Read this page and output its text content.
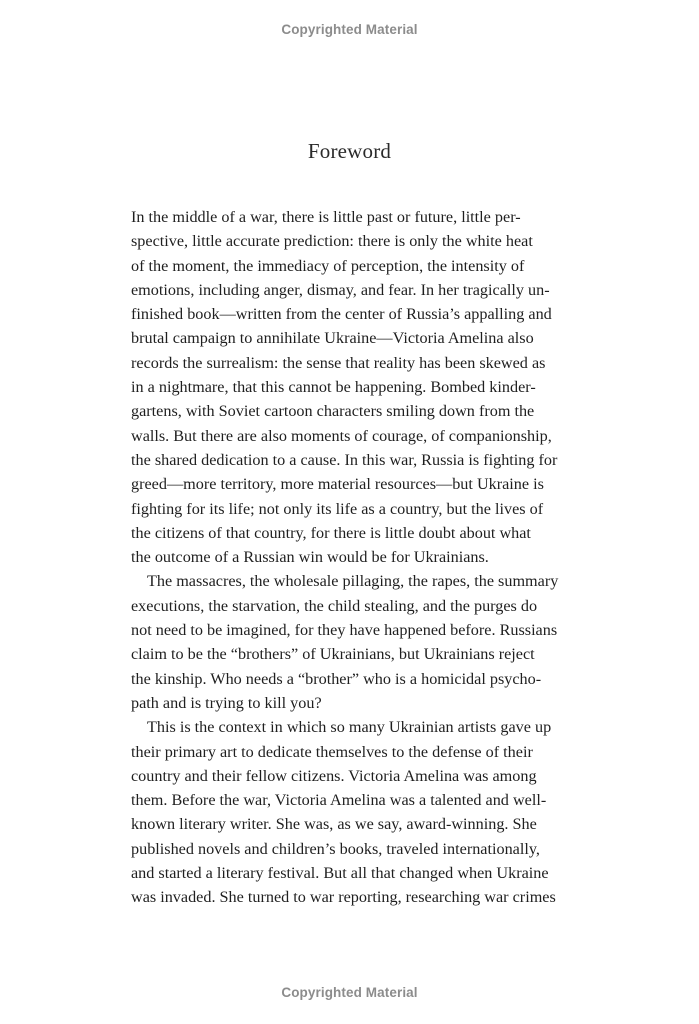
Copyrighted Material
Foreword
In the middle of a war, there is little past or future, little per-
spective, little accurate prediction: there is only the white heat
of the moment, the immediacy of perception, the intensity of
emotions, including anger, dismay, and fear. In her tragically un-
finished book—written from the center of Russia’s appalling and
brutal campaign to annihilate Ukraine—Victoria Amelina also
records the surrealism: the sense that reality has been skewed as
in a nightmare, that this cannot be happening. Bombed kinder-
gartens, with Soviet cartoon characters smiling down from the
walls. But there are also moments of courage, of companionship,
the shared dedication to a cause. In this war, Russia is fighting for
greed—more territory, more material resources—but Ukraine is
fighting for its life; not only its life as a country, but the lives of
the citizens of that country, for there is little doubt about what
the outcome of a Russian win would be for Ukrainians.
The massacres, the wholesale pillaging, the rapes, the summary
executions, the starvation, the child stealing, and the purges do
not need to be imagined, for they have happened before. Russians
claim to be the “brothers” of Ukrainians, but Ukrainians reject
the kinship. Who needs a “brother” who is a homicidal psycho-
path and is trying to kill you?
This is the context in which so many Ukrainian artists gave up
their primary art to dedicate themselves to the defense of their
country and their fellow citizens. Victoria Amelina was among
them. Before the war, Victoria Amelina was a talented and well-
known literary writer. She was, as we say, award-winning. She
published novels and children’s books, traveled internationally,
and started a literary festival. But all that changed when Ukraine
was invaded. She turned to war reporting, researching war crimes
Copyrighted Material
